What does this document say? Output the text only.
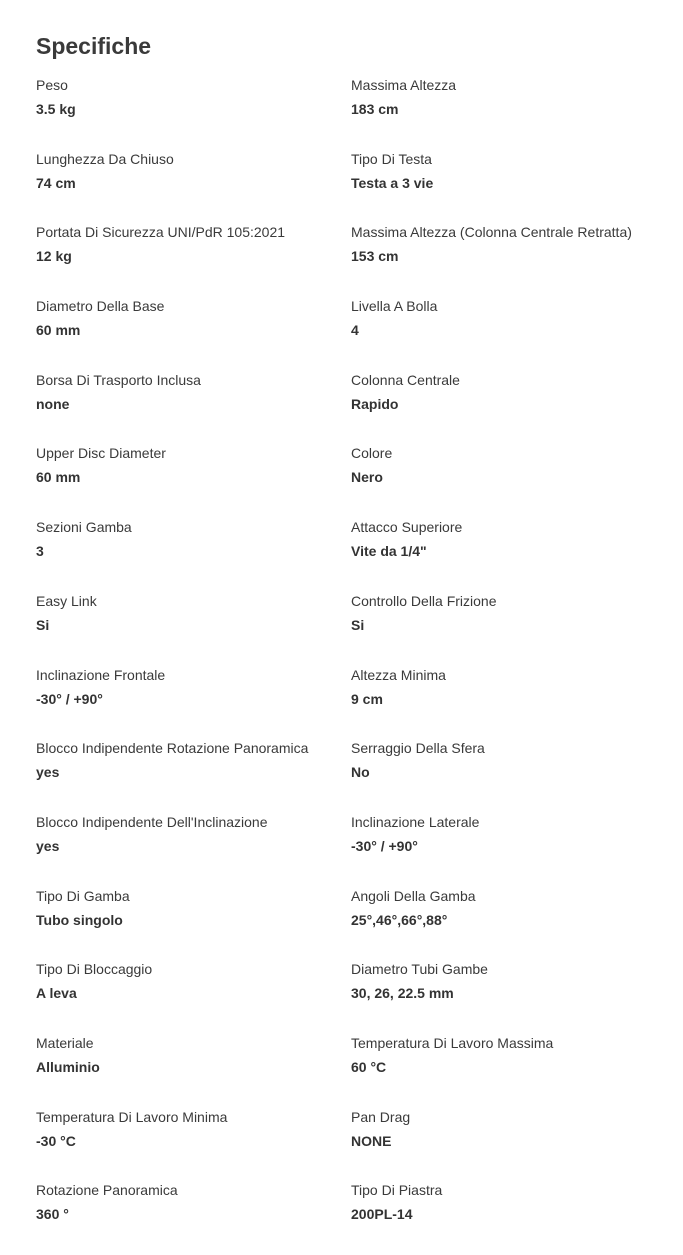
Specifiche
Peso
3.5 kg
Massima Altezza
183 cm
Lunghezza Da Chiuso
74 cm
Tipo Di Testa
Testa a 3 vie
Portata Di Sicurezza UNI/PdR 105:2021
12 kg
Massima Altezza (Colonna Centrale Retratta)
153 cm
Diametro Della Base
60 mm
Livella A Bolla
4
Borsa Di Trasporto Inclusa
none
Colonna Centrale
Rapido
Upper Disc Diameter
60 mm
Colore
Nero
Sezioni Gamba
3
Attacco Superiore
Vite da 1/4"
Easy Link
Si
Controllo Della Frizione
Si
Inclinazione Frontale
-30° / +90°
Altezza Minima
9 cm
Blocco Indipendente Rotazione Panoramica
yes
Serraggio Della Sfera
No
Blocco Indipendente Dell'Inclinazione
yes
Inclinazione Laterale
-30° / +90°
Tipo Di Gamba
Tubo singolo
Angoli Della Gamba
25°,46°,66°,88°
Tipo Di Bloccaggio
A leva
Diametro Tubi Gambe
30, 26, 22.5 mm
Materiale
Alluminio
Temperatura Di Lavoro Massima
60 °C
Temperatura Di Lavoro Minima
-30 °C
Pan Drag
NONE
Rotazione Panoramica
360 °
Tipo Di Piastra
200PL-14
